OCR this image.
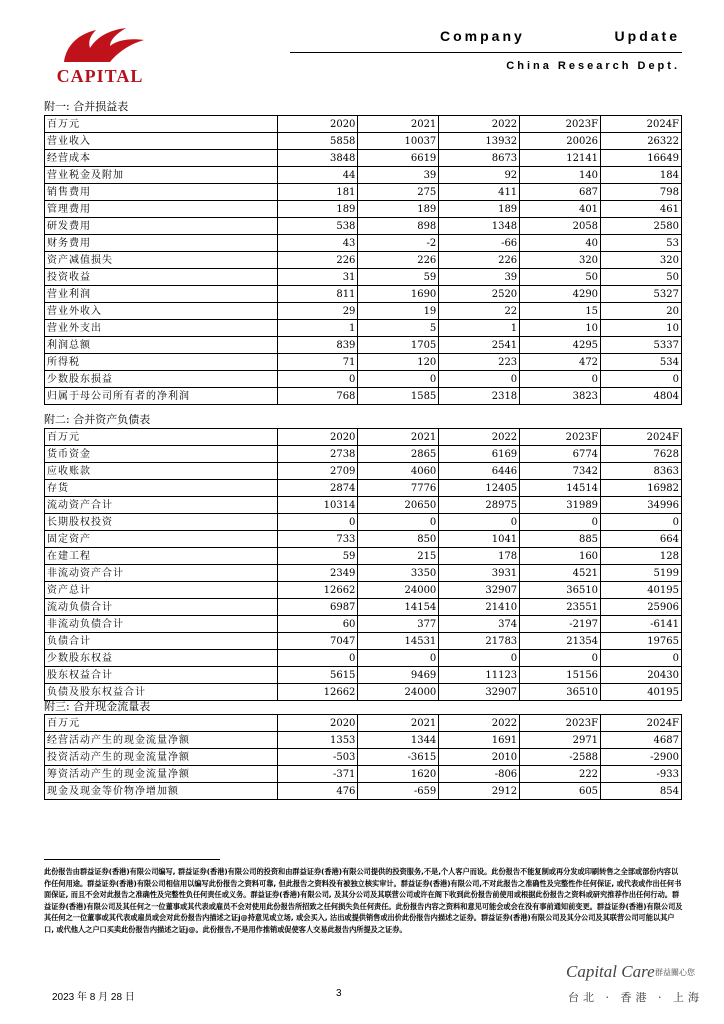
CAPITAL
Company	Update
China Research Dept.
附一: 合并损益表
百万元	2020	2021	2022	2023F	2024F
营业收入	5858	10037	13932	20026	26322
经营成本	3848	6619	8673	12141	16649
营业税金及附加	44	39	92	140	184
销售费用	181	275	411	687	798
管理费用	189	189	189	401	461
研发费用	538	898	1348	2058	2580
财务费用	43	-2	-66	40	53
资产减值损失	226	226	226	320	320
投资收益	31	59	39	50	50
营业利润	811	1690	2520	4290	5327
营业外收入	29	19	22	15	20
营业外支出	1	5	1	10	10
利润总额	839	1705	2541	4295	5337
所得税	71	120	223	472	534
少数股东损益	0	0	0	0	0
归属于母公司所有者的净利润	768	1585	2318	3823	4804
附二: 合并资产负债表
百万元	2020	2021	2022	2023F	2024F
货币资金	2738	2865	6169	6774	7628
应收账款	2709	4060	6446	7342	8363
存货	2874	7776	12405	14514	16982
流动资产合计	10314	20650	28975	31989	34996
长期股权投资	0	0	0	0	0
固定资产	733	850	1041	885	664
在建工程	59	215	178	160	128
非流动资产合计	2349	3350	3931	4521	5199
资产总计	12662	24000	32907	36510	40195
流动负债合计	6987	14154	21410	23551	25906
非流动负债合计	60	377	374	-2197	-6141
负债合计	7047	14531	21783	21354	19765
少数股东权益	0	0	0	0	0
股东权益合计	5615	9469	11123	15156	20430
负债及股东权益合计	12662	24000	32907	36510	40195
附三: 合并现金流量表
百万元	2020	2021	2022	2023F	2024F
经营活动产生的现金流量净额	1353	1344	1691	2971	4687
投资活动产生的现金流量净额	-503	-3615	2010	-2588	-2900
筹资活动产生的现金流量净额	-371	1620	-806	222	-933
现金及现金等价物净增加额	476	-659	2912	605	854
此份报告由群益证券(香港)有限公司编写, 群益证券(香港)有限公司的投资和由群益证券(香港)有限公司提供的投资服务,不是,个人客户而设。此份报告不能复制或再分发或印刷转售之全部或部份内容以作任何用途。群益证券(香港)有限公司相信用以编写此份报告之资料可靠, 但此报告之资料没有被独立核实审计。群益证券(香港)有限公司,不对此报告之准确性及完整性作任何保证, 或代表或作出任何书面保证, 而且不会对此报告之准确性及完整性负任何责任或义务。群益证券(香港)有限公司, 及其分公司及其联营公司或许在阁下收到此份报告前使用或根据此份报告之资料或研究推荐作出任何行动。群益证券(香港)有限公司及其任何之一位董事或其代表或雇员不会对使用此份报告所招致之任何损失负任何责任。此份报告内容之资料和意见可能会或会在没有事前通知前变更。群益证券(香港)有限公司及其任何之一位董事或其代表或雇员或会对此份报告内描述之证j@持意见或立场, 或会买入, 沽出或提供销售或出价此份报告内描述之证券。群益证券(香港)有限公司及其分公司及其联营公司可能以其户口, 或代他人之户口买卖此份报告内描述之证j@。此份报告,不是用作推销或促使客人交易此报告内所提及之证券。
2023 年 8 月 28 日	3
Capital Care 群益關心您
台北 · 香港 · 上海
